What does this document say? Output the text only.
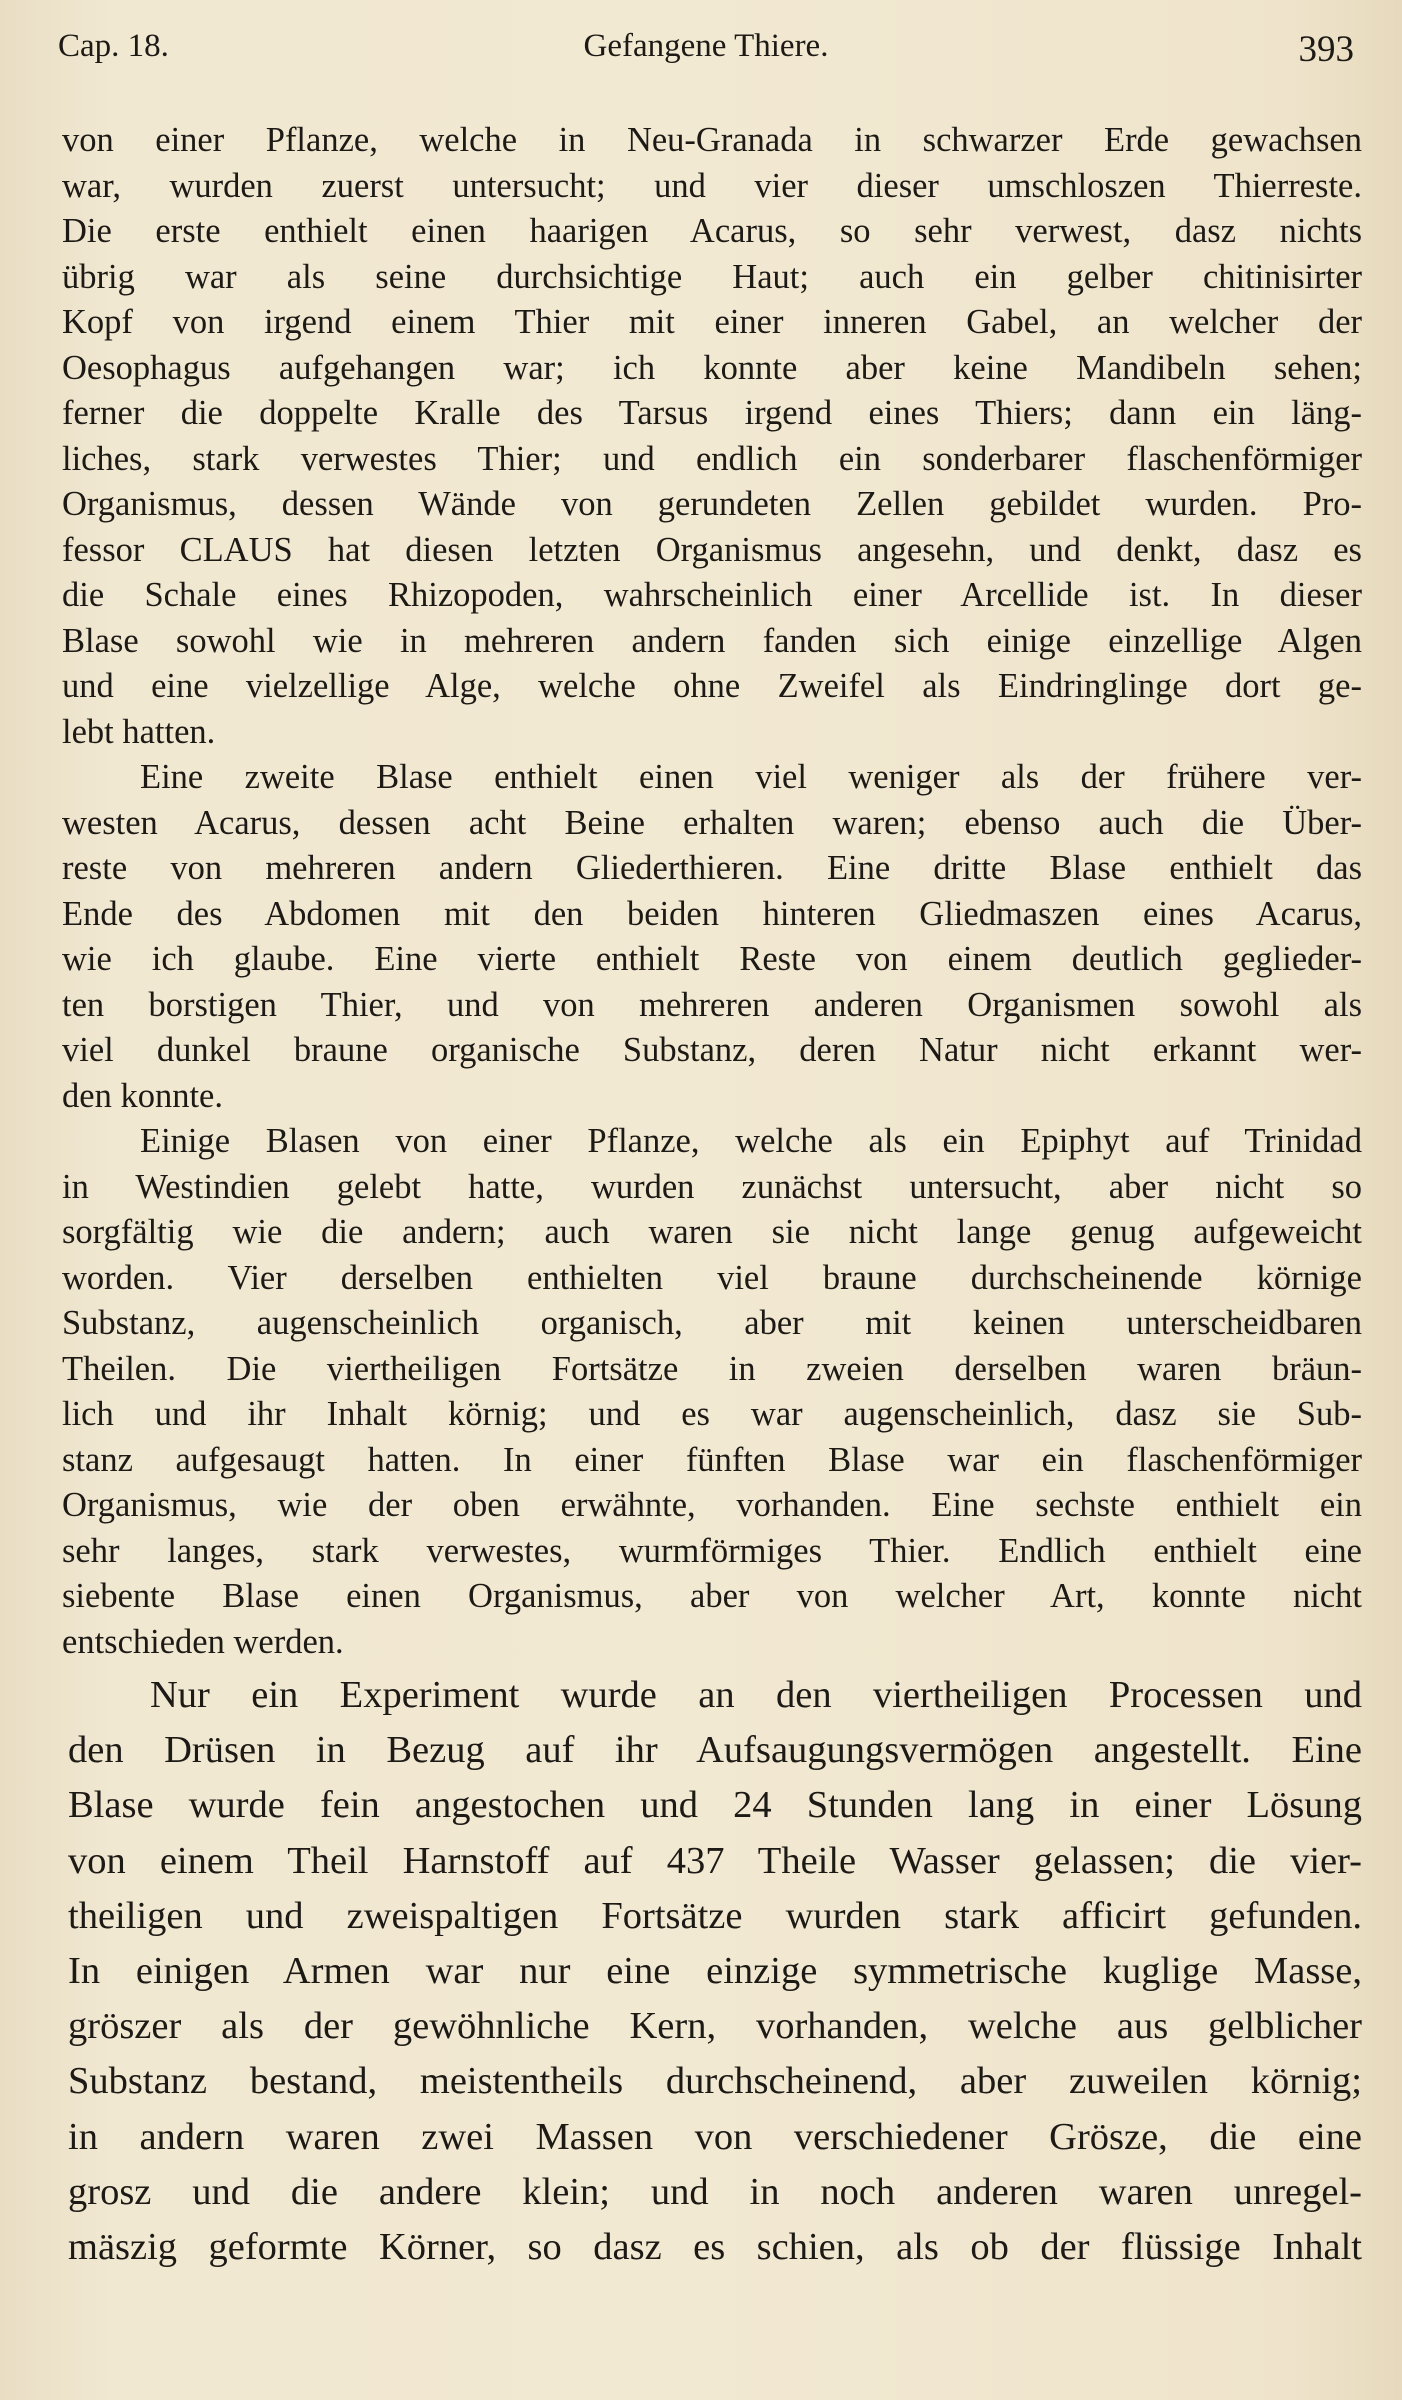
Cap. 18.	Gefangene Thiere.	393
von einer Pflanze, welche in Neu-Granada in schwarzer Erde gewachsen
war, wurden zuerst untersucht; und vier dieser umschloszen Thierreste.
Die erste enthielt einen haarigen Acarus, so sehr verwest, dasz nichts
übrig war als seine durchsichtige Haut; auch ein gelber chitinisirter
Kopf von irgend einem Thier mit einer inneren Gabel, an welcher der
Oesophagus aufgehangen war; ich konnte aber keine Mandibeln sehen;
ferner die doppelte Kralle des Tarsus irgend eines Thiers; dann ein läng-
liches, stark verwestes Thier; und endlich ein sonderbarer flaschenförmiger
Organismus, dessen Wände von gerundeten Zellen gebildet wurden. Pro-
fessor CLAUS hat diesen letzten Organismus angesehn, und denkt, dasz es
die Schale eines Rhizopoden, wahrscheinlich einer Arcellide ist. In dieser
Blase sowohl wie in mehreren andern fanden sich einige einzellige Algen
und eine vielzellige Alge, welche ohne Zweifel als Eindringlinge dort ge-
lebt hatten.
Eine zweite Blase enthielt einen viel weniger als der frühere ver-
westen Acarus, dessen acht Beine erhalten waren; ebenso auch die Über-
reste von mehreren andern Gliederthieren. Eine dritte Blase enthielt das
Ende des Abdomen mit den beiden hinteren Gliedmaszen eines Acarus,
wie ich glaube. Eine vierte enthielt Reste von einem deutlich geglieder-
ten borstigen Thier, und von mehreren anderen Organismen sowohl als
viel dunkel braune organische Substanz, deren Natur nicht erkannt wer-
den konnte.
Einige Blasen von einer Pflanze, welche als ein Epiphyt auf Trinidad
in Westindien gelebt hatte, wurden zunächst untersucht, aber nicht so
sorgfältig wie die andern; auch waren sie nicht lange genug aufgeweicht
worden. Vier derselben enthielten viel braune durchscheinende körnige
Substanz, augenscheinlich organisch, aber mit keinen unterscheidbaren
Theilen. Die viertheiligen Fortsätze in zweien derselben waren bräun-
lich und ihr Inhalt körnig; und es war augenscheinlich, dasz sie Sub-
stanz aufgesaugt hatten. In einer fünften Blase war ein flaschenförmiger
Organismus, wie der oben erwähnte, vorhanden. Eine sechste enthielt ein
sehr langes, stark verwestes, wurmförmiges Thier. Endlich enthielt eine
siebente Blase einen Organismus, aber von welcher Art, konnte nicht
entschieden werden.
Nur ein Experiment wurde an den viertheiligen Processen und
den Drüsen in Bezug auf ihr Aufsaugungsvermögen angestellt. Eine
Blase wurde fein angestochen und 24 Stunden lang in einer Lösung
von einem Theil Harnstoff auf 437 Theile Wasser gelassen; die vier-
theiligen und zweispaltigen Fortsätze wurden stark afficirt gefunden.
In einigen Armen war nur eine einzige symmetrische kuglige Masse,
gröszer als der gewöhnliche Kern, vorhanden, welche aus gelblicher
Substanz bestand, meistentheils durchscheinend, aber zuweilen körnig;
in andern waren zwei Massen von verschiedener Grösze, die eine
grosz und die andere klein; und in noch anderen waren unregel-
mäszig geformte Körner, so dasz es schien, als ob der flüssige Inhalt
